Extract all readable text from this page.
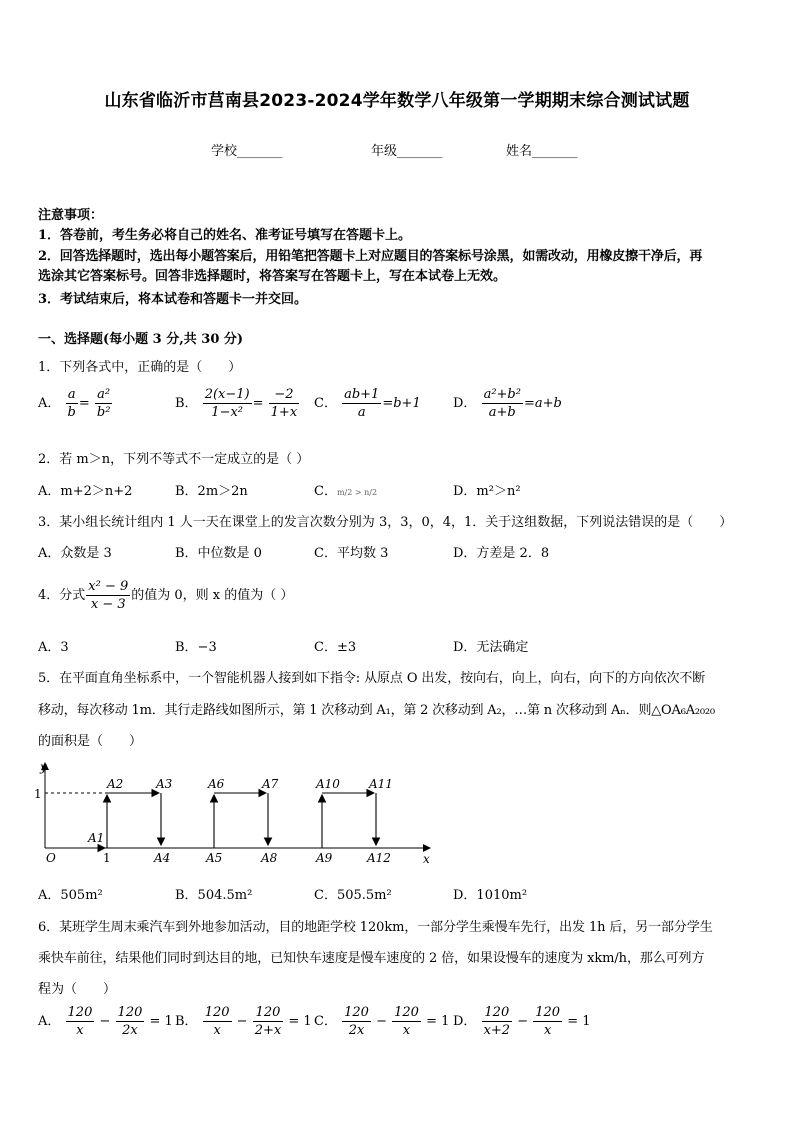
山东省临沂市莒南县2023-2024学年数学八年级第一学期期末综合测试试题
学校_______	年级_______	姓名_______
注意事项：
1．答卷前，考生务必将自己的姓名、准考证号填写在答题卡上。
2．回答选择题时，选出每小题答案后，用铅笔把答题卡上对应题目的答案标号涂黑，如需改动，用橡皮擦干净后，再
选涂其它答案标号。回答非选择题时，将答案写在答题卡上，写在本试卷上无效。
3．考试结束后，将本试卷和答题卡一并交回。
一、选择题(每小题 3 分,共 30 分)
1．下列各式中，正确的是（　　）
A． $\frac{a}{b} = \frac{\text{a²}}{\text{b²}}$	B． $\frac{2(x-1)}{\text{1−x²}} = \frac{-2}{1+x}$ C． $\frac{ab+1}{a} =b+1$ D． $\frac{\text{a²+b²}}{a+b} =a+b$
2．若 m＞n，下列不等式不一定成立的是（ ）
A．m+2＞n+2	B．2m＞2n	C．m/2 > n/2	D．m²＞n²
3．某小组长统计组内 1 人一天在课堂上的发言次数分别为 3，3，0，4，1．关于这组数据，下列说法错误的是（　　）
A．众数是 3	B．中位数是 0	C．平均数 3	D．方差是 2．8
4．分式 $\frac{\text{x² − 9}}{x - 3}$ 的值为 0，则 x 的值为（ ）
A．3	B．−3	C．±3	D．无法确定
5．在平面直角坐标系中，一个智能机器人接到如下指令: 从原点 O 出发，按向右，向上，向右，向下的方向依次不断
移动，每次移动 1m．其行走路线如图所示，第 1 次移动到 A₁，第 2 次移动到 A₂，…第 n 次移动到 Aₙ．则△OA₆A₂₀₂₀
的面积是（　　）
y
x
O
1
1
A1
A2	A3
A4
A6
A5
A7
A8
A10
A9
A11
A12
A．505m²	B．504.5m²	C．505.5m²	D．1010m²
6．某班学生周末乘汽车到外地参加活动，目的地距学校 120km，一部分学生乘慢车先行，出发 1h 后，另一部分学生
乘快车前往，结果他们同时到达目的地，已知快车速度是慢车速度的 2 倍，如果设慢车的速度为 xkm/h，那么可列方
程为（　　）
A． $\frac{120}{x} - \frac{120}{2x} = 1$ B． $\frac{120}{x} - \frac{120}{2+x} = 1$ C． $\frac{120}{2x} - \frac{120}{x} = 1$ D． $\frac{120}{x+2} - \frac{120}{x} = 1$
